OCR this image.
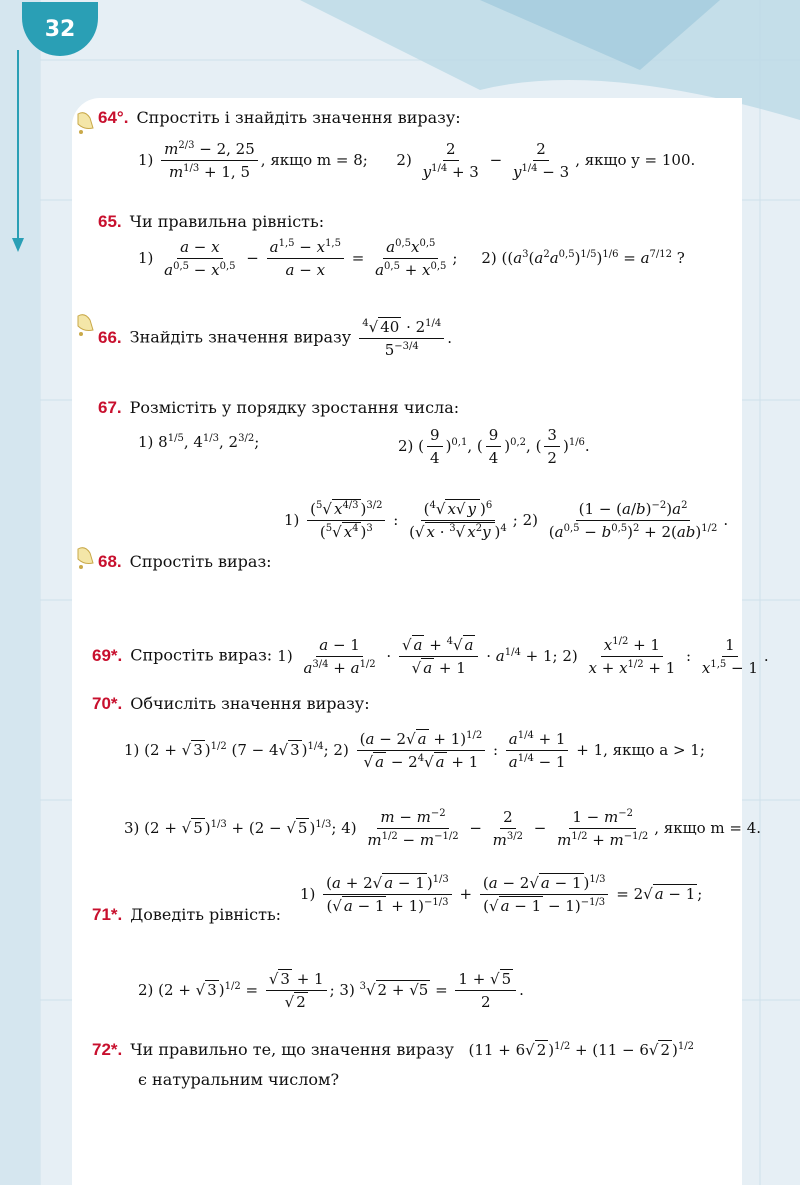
32
64°. Спростіть і знайдіть значення виразу:
$1) \frac{m^{2/3} - 2, 25}{m^{1/3} + 1, 5}$ , якщо m = 8;      $2) \frac{2}{y^{1/4} + 3} - \frac{2}{y^{1/4} - 3}$ , якщо y = 100.
65. Чи правильна рівність:
$1) \frac{a - x}{a^{0,5} - x^{0,5}} - \frac{a^{1,5} - x^{1,5}}{a - x} = \frac{a^{0,5}x^{0,5}}{a^{0,5} + x^{0,5}}$ ;     2) ($(a^3(a^2a^{0,5})^{1/5})^{1/6} = a^{7/12}$ ?
66. Знайдіть значення виразу $\frac{^4√ 40 \cdot 2^{1/4}}{5^{-3/4}}$ .
67. Розмістіть у порядку зростання числа:
1) $8^{1/5}$, $4^{1/3}$, $2^{3/2}$;	2) ( $\frac{9}{4} )^{0,1}$, ( $\frac{9}{4} )^{0,2}$, ( $\frac{3}{2} )^{1/6}$.
68. Спростіть вираз:
$1) \frac{(^5√ x^{4/3} )^{3/2}}{(^5√ x^4 )^3}$ : $\frac{(^4√ x√ y )^6}{(√ x \cdot ^3√ x^2y )^4}$ ; $2) \frac{(1 - (a/b)^{-2})a^2}{(a^{0,5} - b^{0,5})^2 + 2(ab)^{1/2}}$ .
69*. Спростіть вираз: $1) \frac{a - 1}{a^{3/4} + a^{1/2}} \cdot \frac{√ a + ^4√ a}{√ a + 1} \cdot a^{1/4} + 1$; $2) \frac{x^{1/2} + 1}{x + x^{1/2} + 1}$ : $\frac{1}{x^{1,5} - 1}$ .
70*. Обчисліть значення виразу:
1) (2 + √ 3 )$^{1/2}$ (7 − 4√ 3 )$^{1/4}$; $2) \frac{(a - 2√ a + 1)^{1/2}}{√ a - 2^4√ a + 1}$ : $\frac{a^{1/4} + 1}{a^{1/4} - 1} + 1$, якщо a > 1;
3) (2 + √ 5 )$^{1/3}$ + (2 − √ 5 )$^{1/3}$; $4) \frac{m - m^{-2}}{m^{1/2} - m^{-1/2}} - \frac{2}{m^{3/2}} - \frac{1 - m^{-2}}{m^{1/2} + m^{-1/2}}$ , якщо m = 4.
71*. Доведіть рівність:
$1) \frac{(a + 2√ a - 1 )^{1/3}}{(√ a - 1 + 1)^{-1/3}} + \frac{(a - 2√ a - 1 )^{1/3}}{(√ a - 1 - 1)^{-1/3}} = 2√$ a − 1 ;
2) (2 + √ 3 )$^{1/2} = \frac{√ 3 + 1}{√ 2}$ ; 3) $^3$√ $2 + √5 = \frac{1 + √ 5}{2}$ .
72*. Чи правильно те, що значення виразу   (11 + 6√ 2 )$^{1/2}$ + (11 − 6√ 2 )$^{1/2}$
є натуральним числом?
